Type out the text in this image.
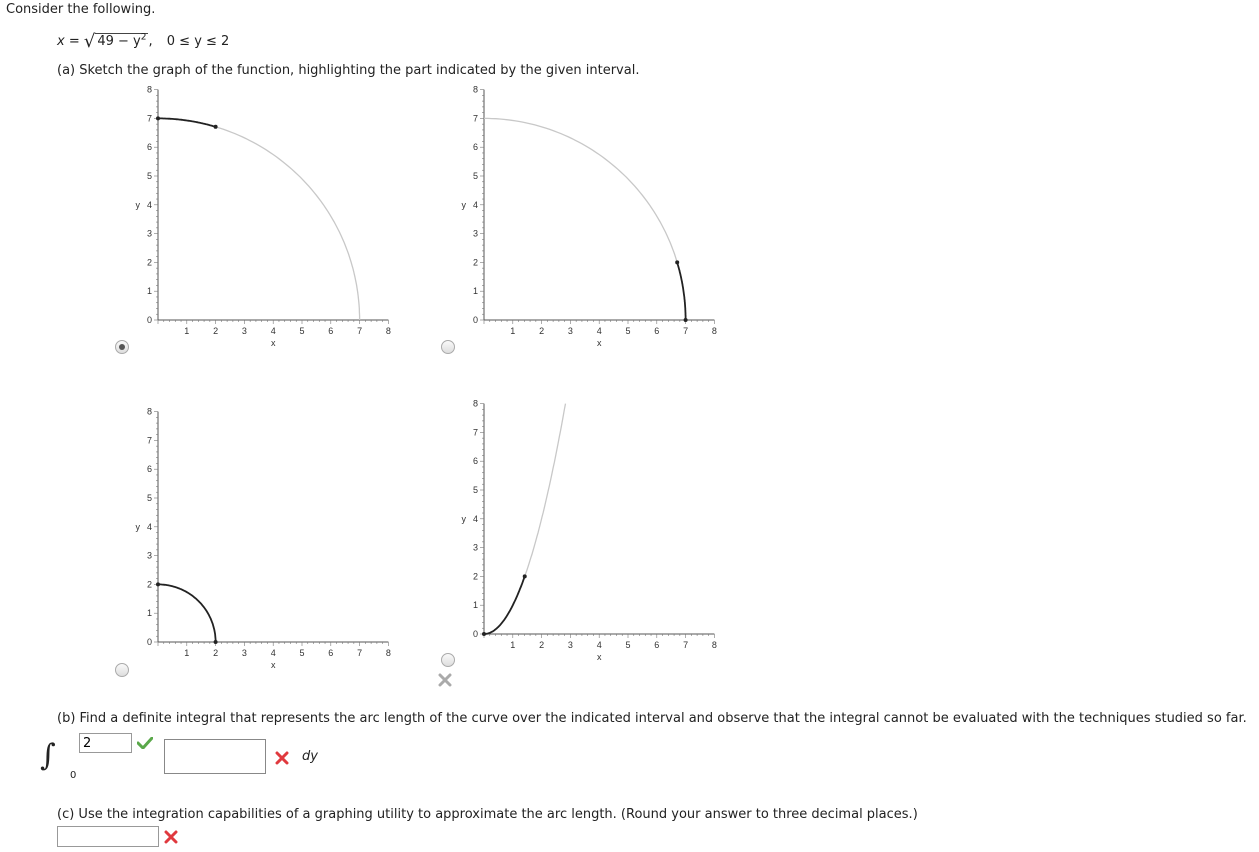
Consider the following.
x = √ $49 - y^2$ , 0 ≤ y ≤ 2
(a) Sketch the graph of the function, highlighting the part indicated by the given interval.
0
1
1
2
2
3
3
4
4
5
5
6
6
7
7
8
8
x
y
0
1
1
2
2
3
3
4
4
5
5
6
6
7
7
8
8
x
y
0
1
1
2
2
3
3
4
4
5
5
6
6
7
7
8
8
x
y
0
1
1
2
2
3
3
4
4
5
5
6
6
7
7
8
8
x
y
(b) Find a definite integral that represents the arc length of the curve over the indicated interval and observe that the integral cannot be evaluated with the techniques studied so far.
∫
0
2
dy
(c) Use the integration capabilities of a graphing utility to approximate the arc length. (Round your answer to three decimal places.)
